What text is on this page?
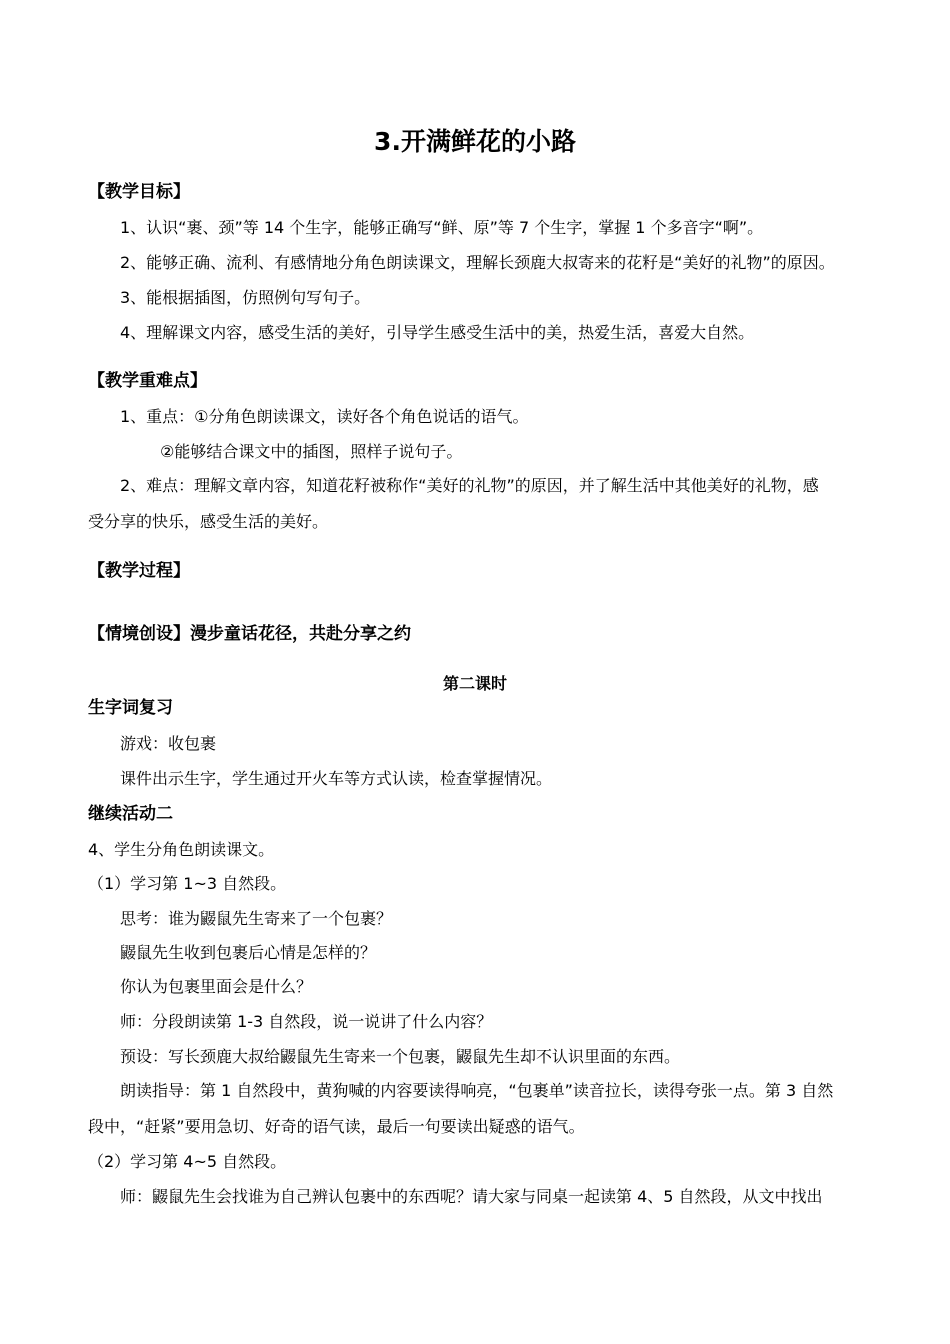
3.开满鲜花的小路
【教学目标】
1、认识“裹、颈”等 14 个生字，能够正确写“鲜、原”等 7 个生字，掌握 1 个多音字“啊”。
2、能够正确、流利、有感情地分角色朗读课文，理解长颈鹿大叔寄来的花籽是“美好的礼物”的原因。
3、能根据插图，仿照例句写句子。
4、理解课文内容，感受生活的美好，引导学生感受生活中的美，热爱生活，喜爱大自然。
【教学重难点】
1、重点：①分角色朗读课文，读好各个角色说话的语气。
②能够结合课文中的插图，照样子说句子。
2、难点：理解文章内容，知道花籽被称作“美好的礼物”的原因，并了解生活中其他美好的礼物，感
受分享的快乐，感受生活的美好。
【教学过程】
【情境创设】漫步童话花径，共赴分享之约
第二课时
生字词复习
游戏：收包裹
课件出示生字，学生通过开火车等方式认读，检查掌握情况。
继续活动二
4、学生分角色朗读课文。
（1）学习第 1~3 自然段。
思考：谁为鼹鼠先生寄来了一个包裹？
鼹鼠先生收到包裹后心情是怎样的？
你认为包裹里面会是什么？
师：分段朗读第 1-3 自然段，说一说讲了什么内容？
预设：写长颈鹿大叔给鼹鼠先生寄来一个包裹，鼹鼠先生却不认识里面的东西。
朗读指导：第 1 自然段中，黄狗喊的内容要读得响亮，“包裹单”读音拉长，读得夸张一点。第 3 自然
段中，“赶紧”要用急切、好奇的语气读，最后一句要读出疑惑的语气。
（2）学习第 4~5 自然段。
师：鼹鼠先生会找谁为自己辨认包裹中的东西呢？请大家与同桌一起读第 4、5 自然段，从文中找出
